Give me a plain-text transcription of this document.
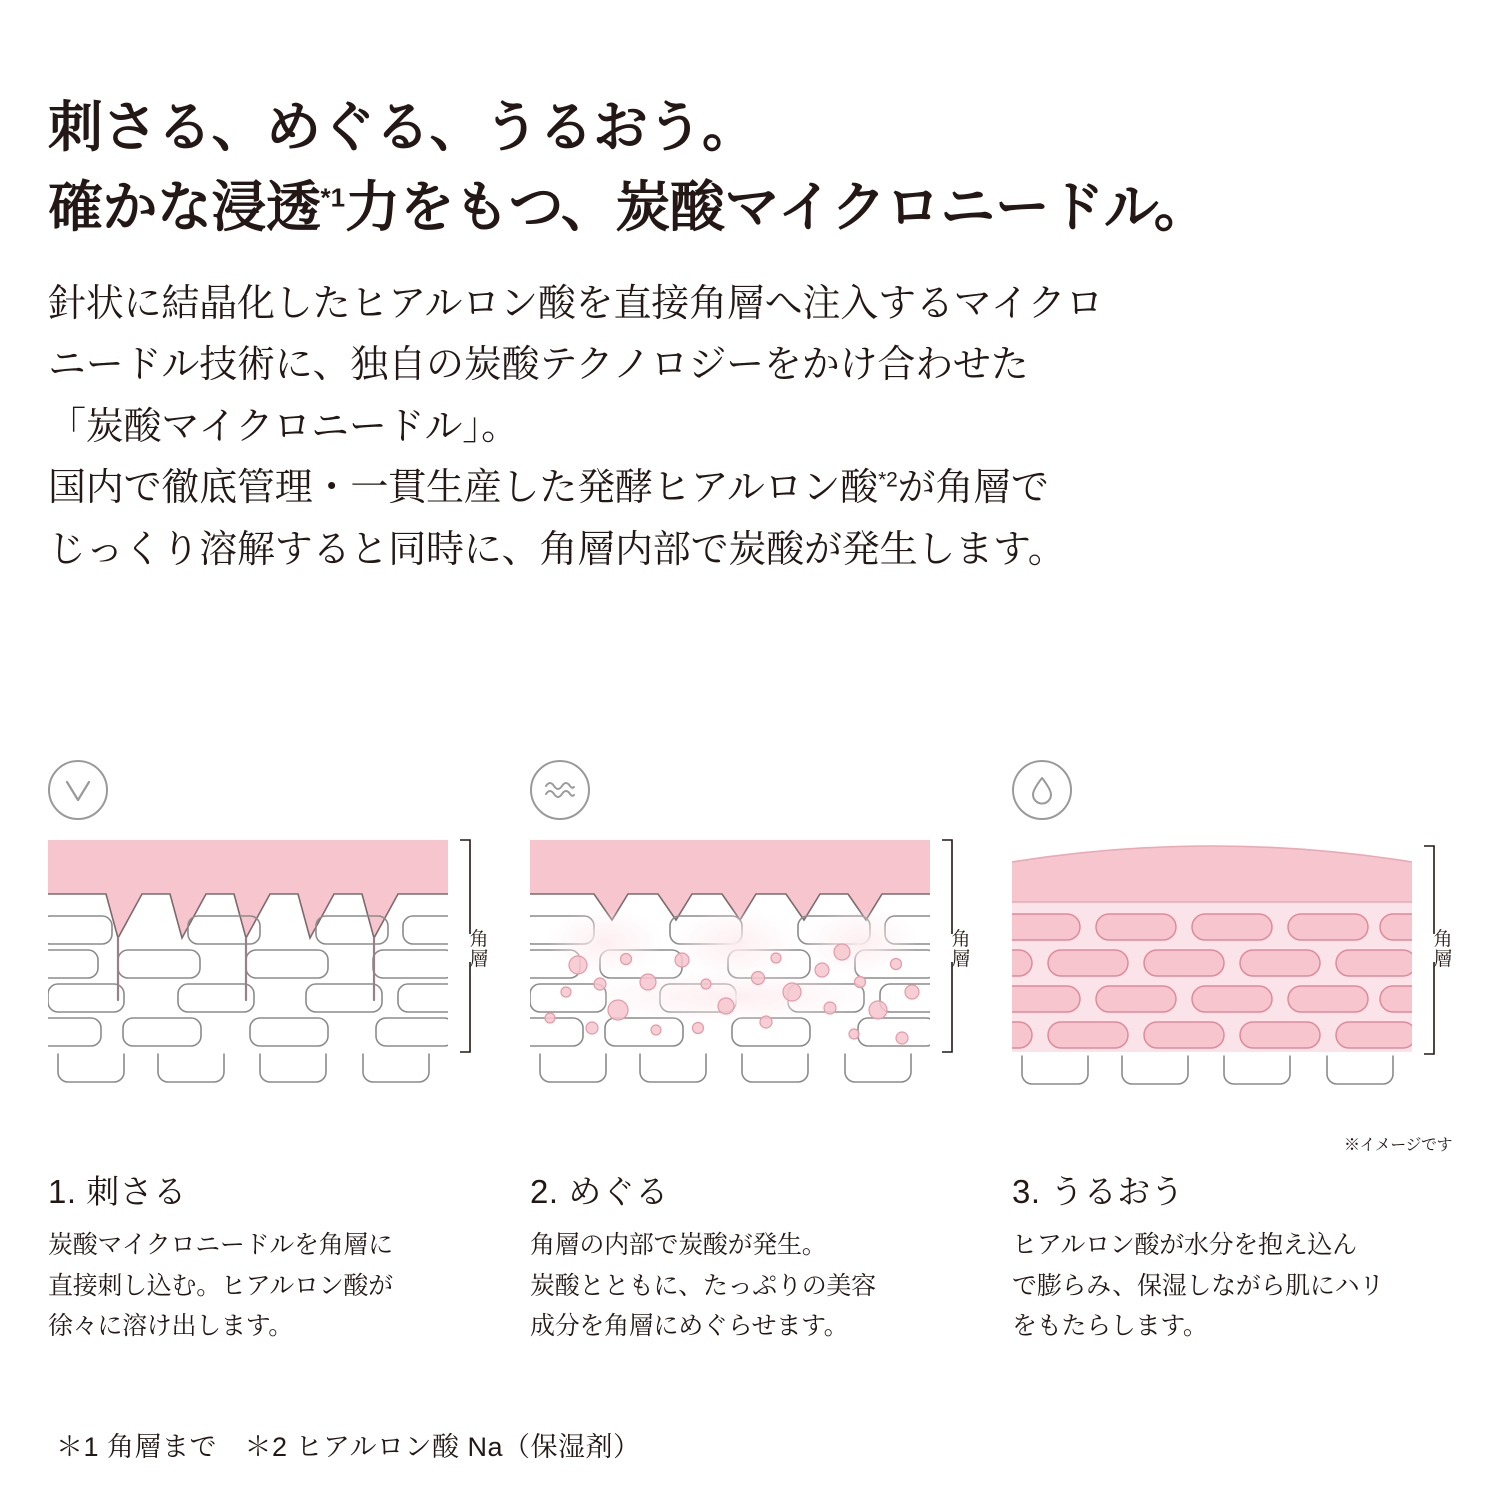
刺さる、めぐる、うるおう。
確かな浸透$^{*1}$力をもつ、炭酸マイクロニードル。
針状に結晶化したヒアルロン酸を直接角層へ注入するマイクロ
ニードル技術に、独自の炭酸テクノロジーをかけ合わせた
「炭酸マイクロニードル」。
国内で徹底管理・一貫生産した発酵ヒアルロン酸$^{*2}$が角層で
じっくり溶解すると同時に、角層内部で炭酸が発生します。
角
層
1. 刺さる
炭酸マイクロニードルを角層に
直接刺し込む。ヒアルロン酸が
徐々に溶け出します。
角
層
2. めぐる
角層の内部で炭酸が発生。
炭酸とともに、たっぷりの美容
成分を角層にめぐらせます。
角
層
※イメージです
3. うるおう
ヒアルロン酸が水分を抱え込ん
で膨らみ、保湿しながら肌にハリ
をもたらします。
＊1 角層まで　＊2 ヒアルロン酸 Na（保湿剤）
